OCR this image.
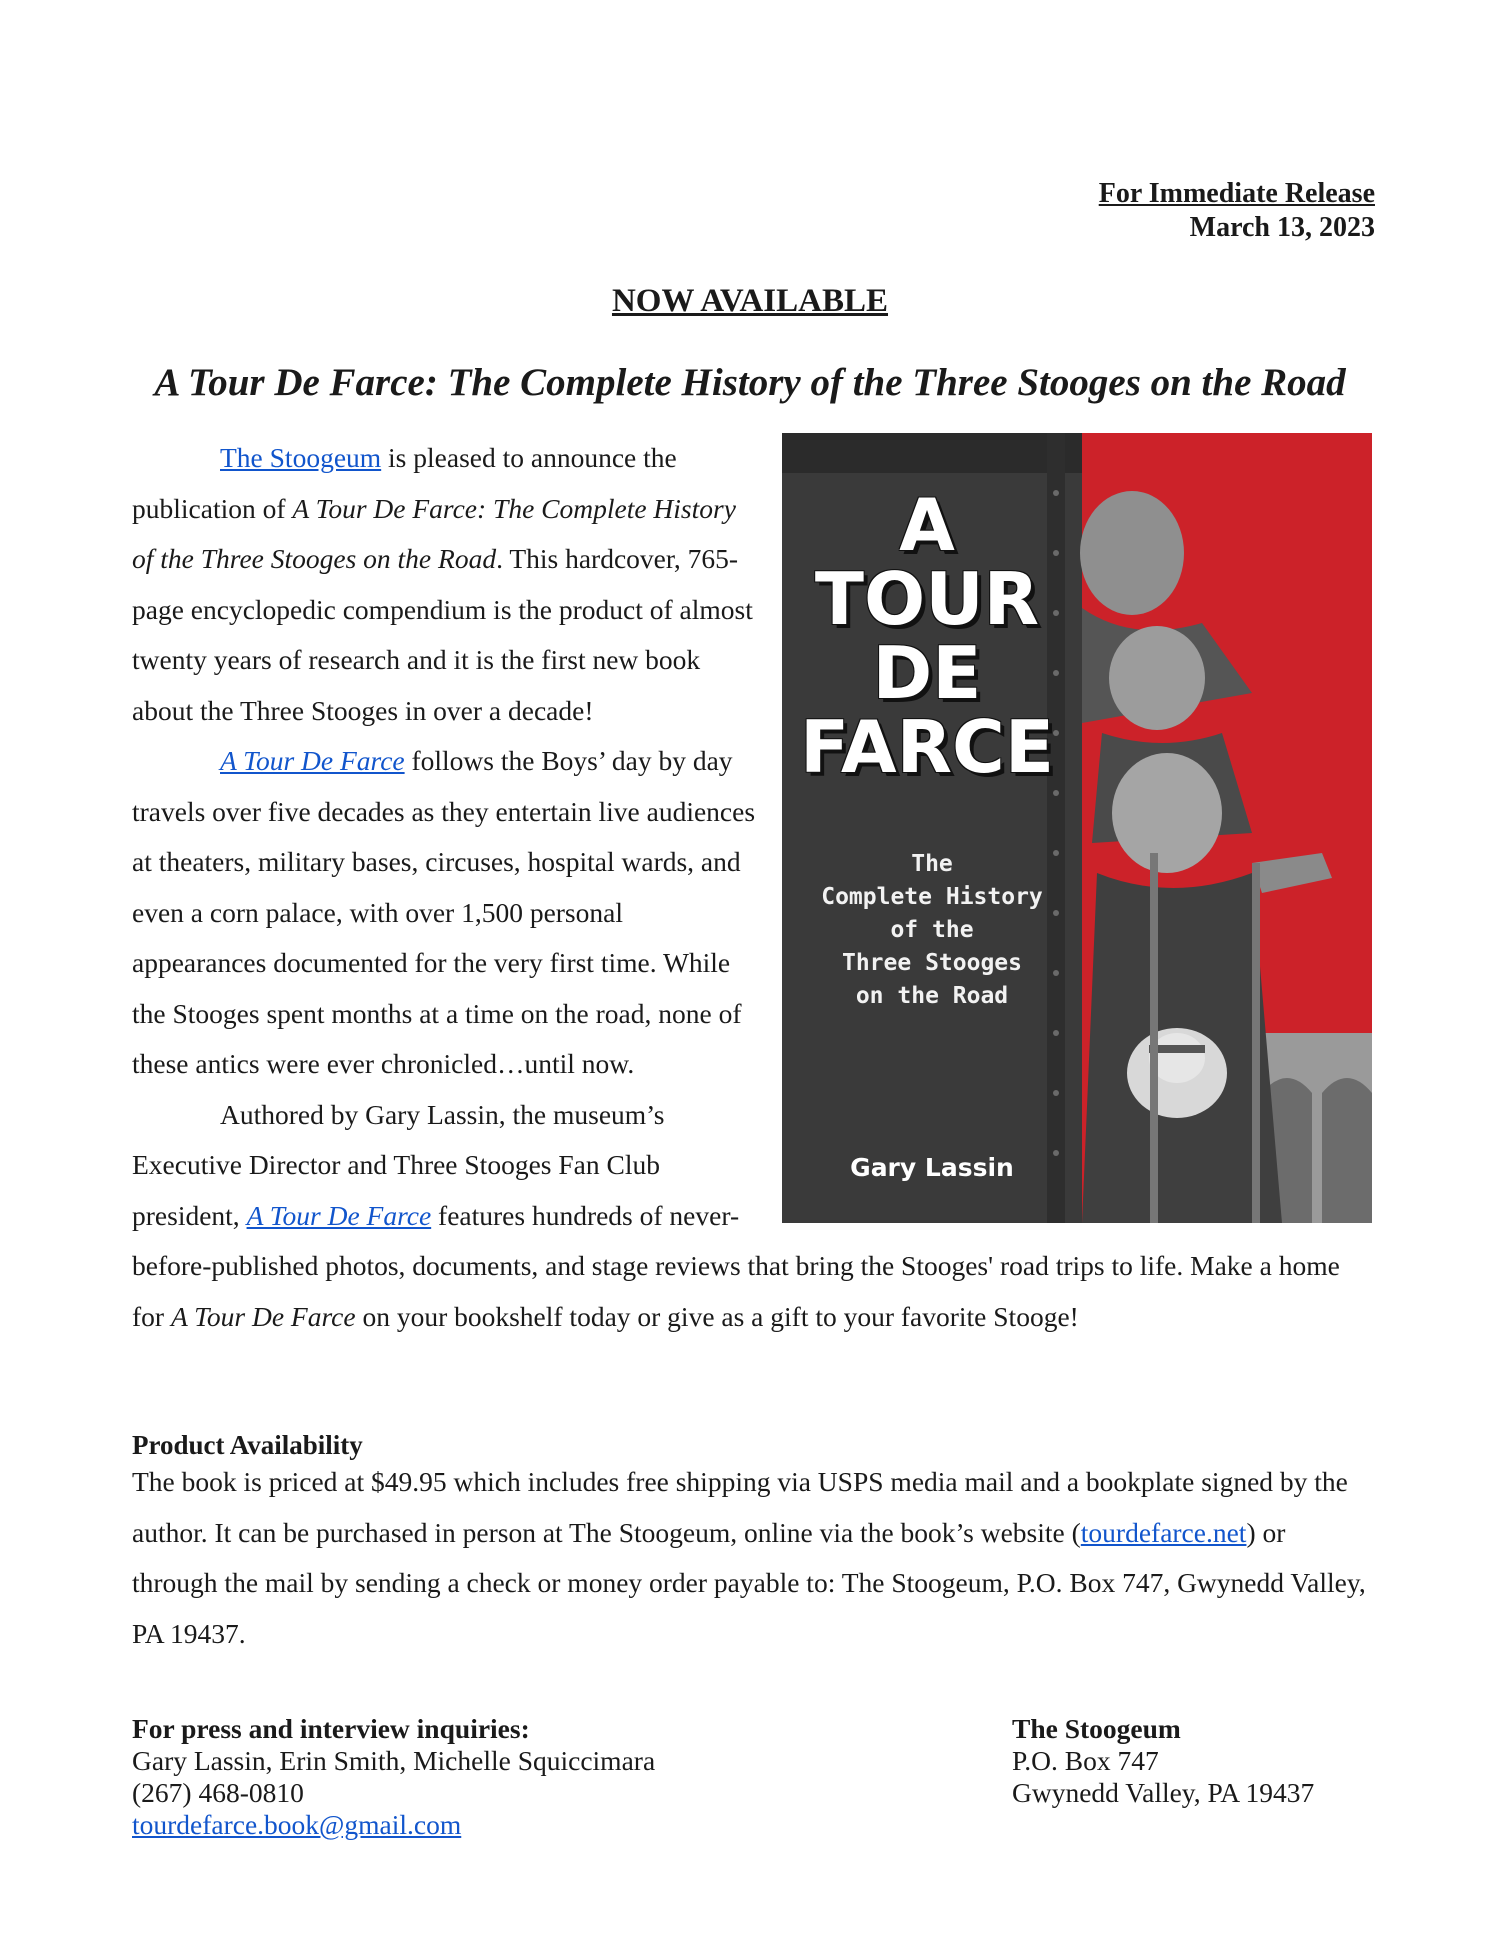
For Immediate Release
March 13, 2023
NOW AVAILABLE
A Tour De Farce: The Complete History of the Three Stooges on the Road
A
TOUR
DE
FARCE
The
Complete History
of the
Three Stooges
on the Road
Gary Lassin

The Stoogeum is pleased to announce the publication of A Tour De Farce: The Complete History of the Three Stooges on the Road. This hardcover, 765-page encyclopedic compendium is the product of almost twenty years of research and it is the first new book about the Three Stooges in over a decade!

A Tour De Farce follows the Boys’ day by day travels over five decades as they entertain live audiences at theaters, military bases, circuses, hospital wards, and even a corn palace, with over 1,500 personal appearances documented for the very first time. While the Stooges spent months at a time on the road, none of these antics were ever chronicled…until now.

Authored by Gary Lassin, the museum’s Executive Director and Three Stooges Fan Club president, A Tour De Farce features hundreds of never-before-published photos, documents, and stage reviews that bring the Stooges' road trips to life. Make a home for A Tour De Farce on your bookshelf today or give as a gift to your favorite Stooge!

Product Availability
The book is priced at $49.95 which includes free shipping via USPS media mail and a bookplate signed by the author. It can be purchased in person at The Stoogeum, online via the book’s website (tourdefarce.net) or through the mail by sending a check or money order payable to: The Stoogeum, P.O. Box 747, Gwynedd Valley, PA 19437.
For press and interview inquiries:
Gary Lassin, Erin Smith, Michelle Squiccimara
(267) 468-0810
tourdefarce.book@gmail.com
The Stoogeum
P.O. Box 747
Gwynedd Valley, PA 19437
